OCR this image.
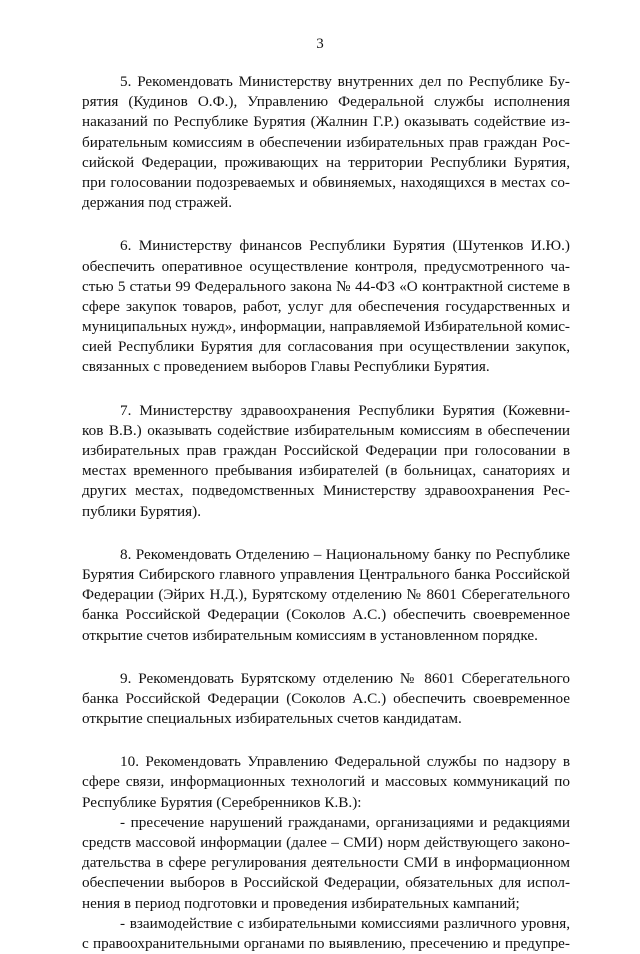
3
5. Рекомендовать Министерству внутренних дел по Республике Бу-
рятия (Кудинов О.Ф.), Управлению Федеральной службы исполнения
наказаний по Республике Бурятия (Жалнин Г.Р.) оказывать содействие из-
бирательным комиссиям в обеспечении избирательных прав граждан Рос-
сийской Федерации, проживающих на территории Республики Бурятия,
при голосовании подозреваемых и обвиняемых, находящихся в местах со-
держания под стражей.
6. Министерству финансов Республики Бурятия (Шутенков И.Ю.)
обеспечить оперативное осуществление контроля, предусмотренного ча-
стью 5 статьи 99 Федерального закона № 44-ФЗ «О контрактной системе в
сфере закупок товаров, работ, услуг для обеспечения государственных и
муниципальных нужд», информации, направляемой Избирательной комис-
сией Республики Бурятия для согласования при осуществлении закупок,
связанных с проведением выборов Главы Республики Бурятия.
7. Министерству здравоохранения Республики Бурятия (Кожевни-
ков В.В.) оказывать содействие избирательным комиссиям в обеспечении
избирательных прав граждан Российской Федерации при голосовании в
местах временного пребывания избирателей (в больницах, санаториях и
других местах, подведомственных Министерству здравоохранения Рес-
публики Бурятия).
8. Рекомендовать Отделению – Национальному банку по Республике
Бурятия Сибирского главного управления Центрального банка Российской
Федерации (Эйрих Н.Д.), Бурятскому отделению № 8601 Сберегательного
банка Российской Федерации (Соколов А.С.) обеспечить своевременное
открытие счетов избирательным комиссиям в установленном порядке.
9. Рекомендовать Бурятскому отделению № 8601 Сберегательного
банка Российской Федерации (Соколов А.С.) обеспечить своевременное
открытие специальных избирательных счетов кандидатам.
10. Рекомендовать Управлению Федеральной службы по надзору в
сфере связи, информационных технологий и массовых коммуникаций по
Республике Бурятия (Серебренников К.В.):
- пресечение нарушений гражданами, организациями и редакциями
средств массовой информации (далее – СМИ) норм действующего законо-
дательства в сфере регулирования деятельности СМИ в информационном
обеспечении выборов в Российской Федерации, обязательных для испол-
нения в период подготовки и проведения избирательных кампаний;
- взаимодействие с избирательными комиссиями различного уровня,
с правоохранительными органами по выявлению, пресечению и предупре-
